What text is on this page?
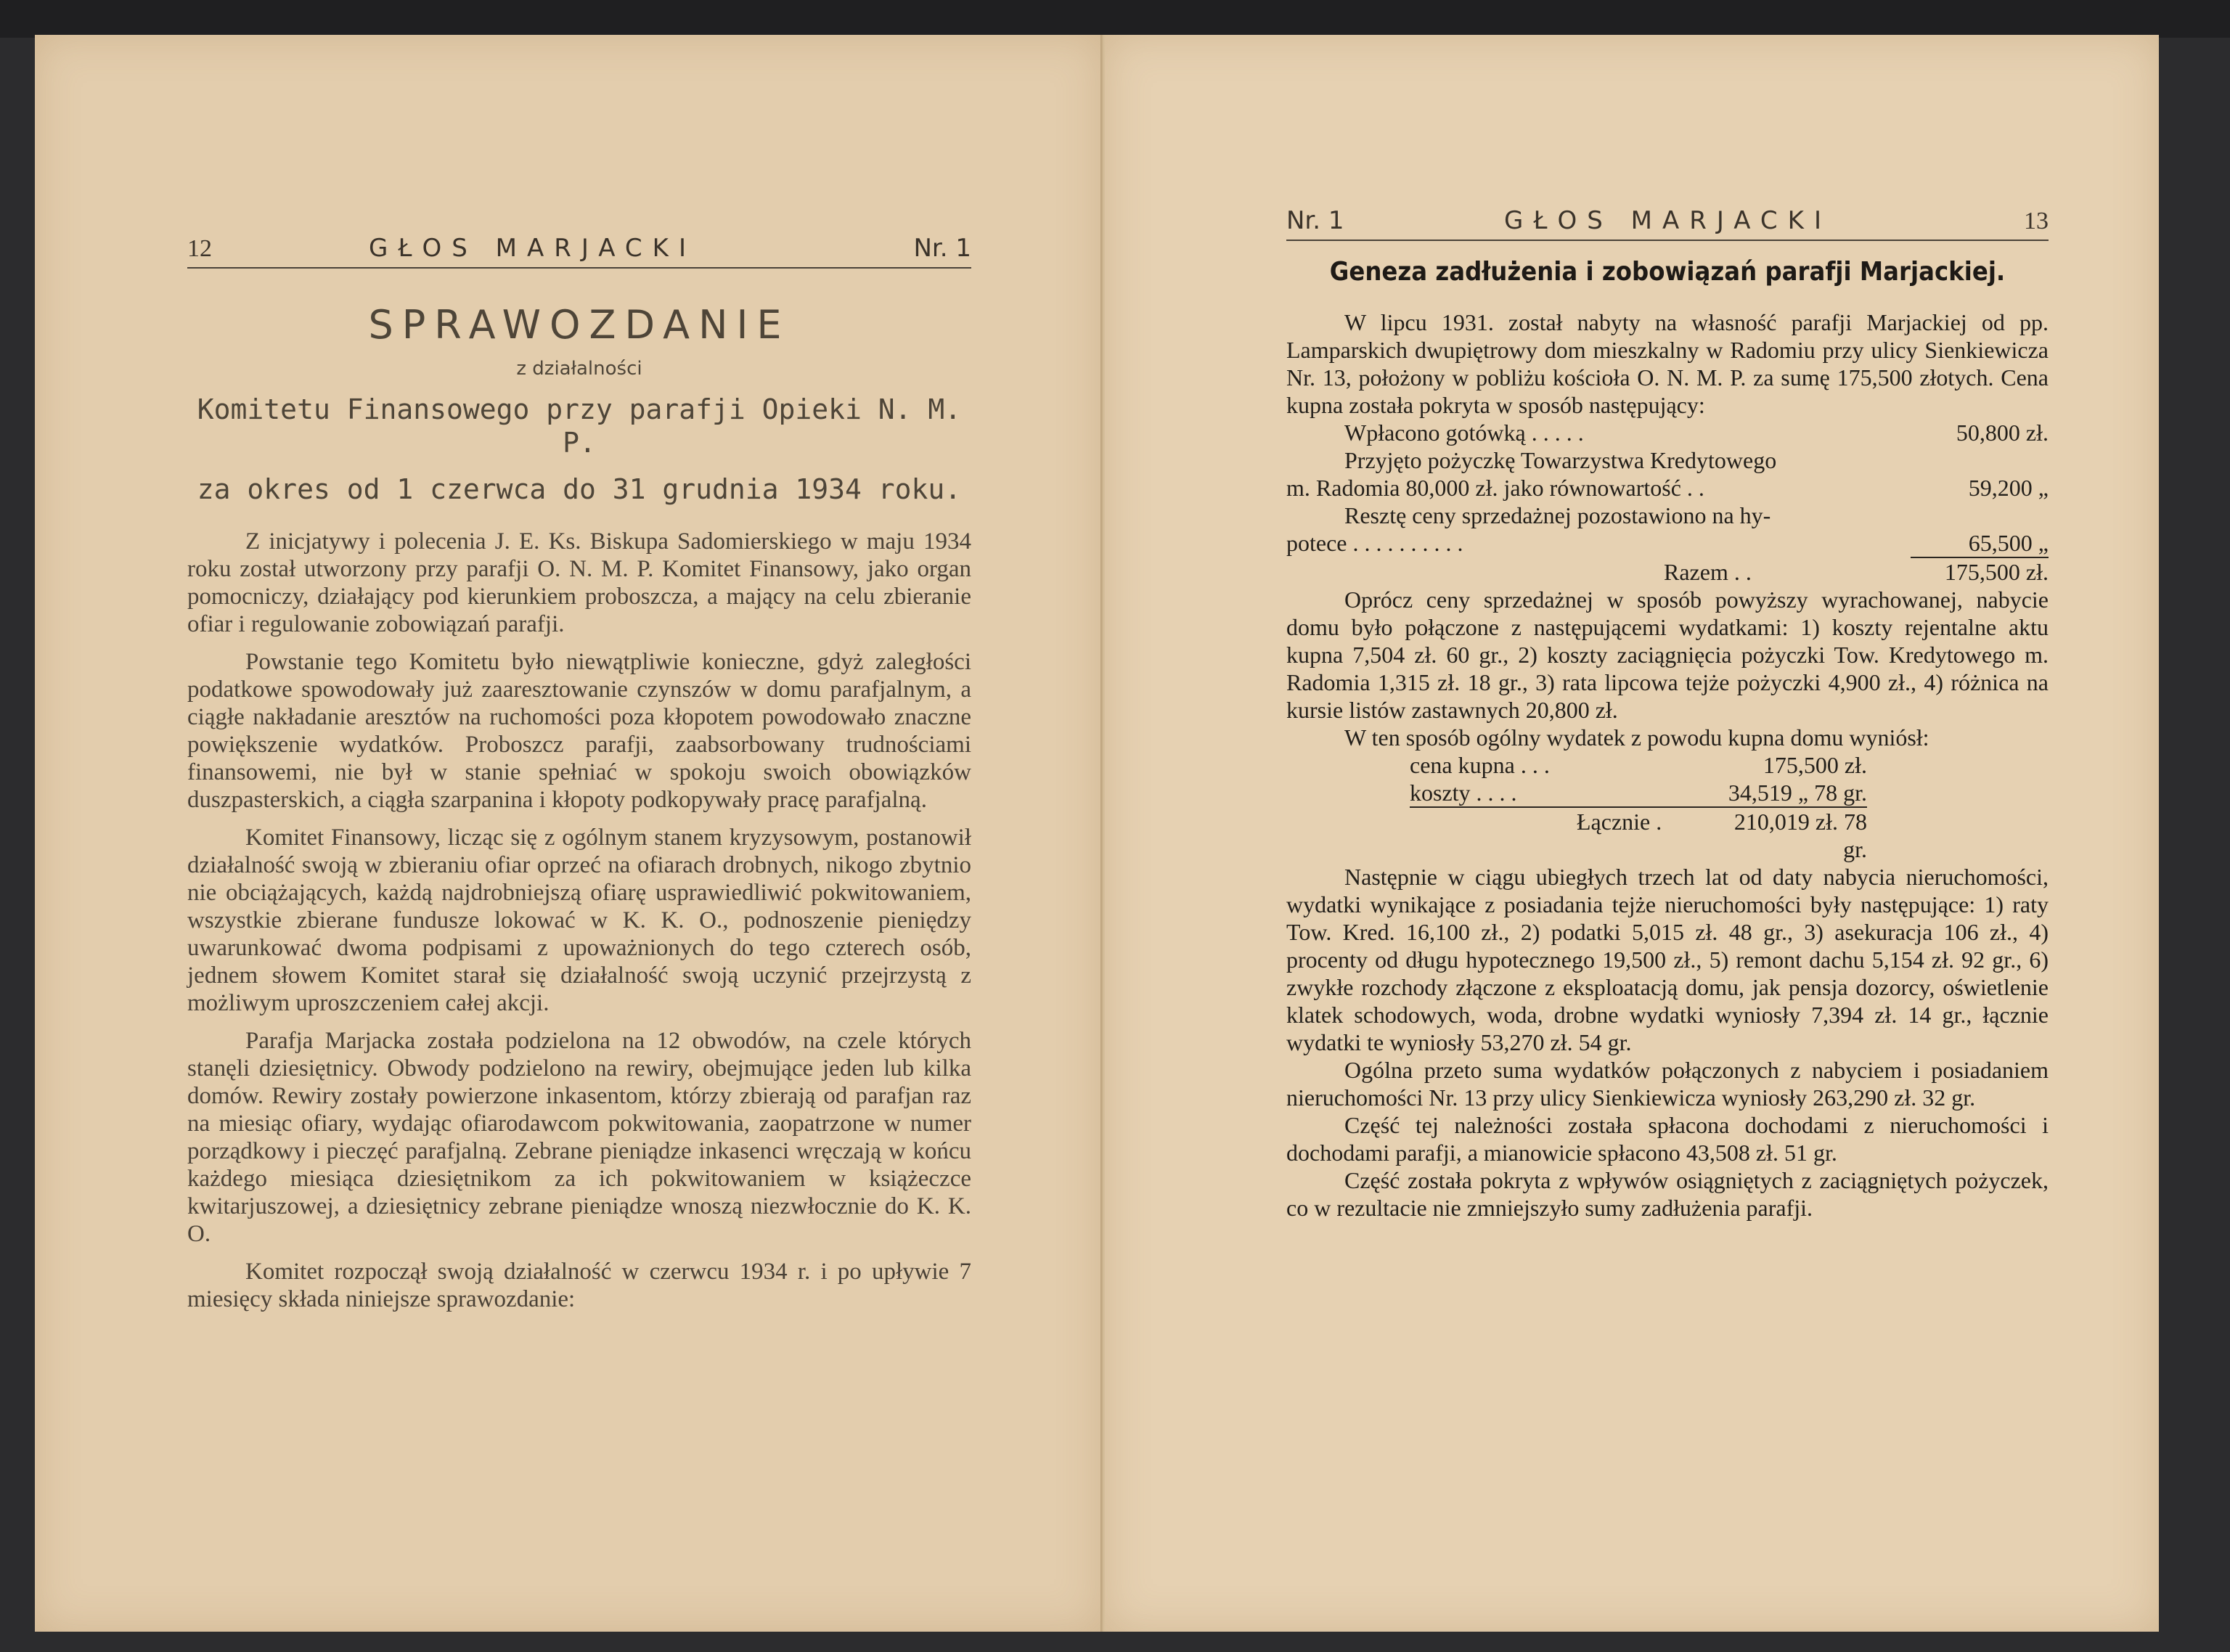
12	GŁOS MARJACKI	Nr. 1
SPRAWOZDANIE
z działalności
Komitetu Finansowego przy parafji Opieki N. M. P.
za okres od 1 czerwca do 31 grudnia 1934 roku.

Z inicjatywy i polecenia J. E. Ks. Biskupa Sadomierskiego w maju 1934 roku został utworzony przy parafji O. N. M. P. Komitet Finansowy, jako organ pomocniczy, działający pod kierunkiem proboszcza, a mający na celu zbieranie ofiar i regulowanie zobowiązań parafji.

Powstanie tego Komitetu było niewątpliwie konieczne, gdyż zaległości podatkowe spowodowały już zaaresztowanie czynszów w domu parafjalnym, a ciągłe nakładanie aresztów na ruchomości poza kłopotem powodowało znaczne powiększenie wydatków. Proboszcz parafji, zaabsorbowany trudnościami finansowemi, nie był w stanie spełniać w spokoju swoich obowiązków duszpasterskich, a ciągła szarpanina i kłopoty podkopywały pracę parafjalną.

Komitet Finansowy, licząc się z ogólnym stanem kryzysowym, postanowił działalność swoją w zbieraniu ofiar oprzeć na ofiarach drobnych, nikogo zbytnio nie obciążających, każdą najdrobniejszą ofiarę usprawiedliwić pokwitowaniem, wszystkie zbierane fundusze lokować w K. K. O., podnoszenie pieniędzy uwarunkować dwoma podpisami z upoważnionych do tego czterech osób, jednem słowem Komitet starał się działalność swoją uczynić przejrzystą z możliwym uproszczeniem całej akcji.

Parafja Marjacka została podzielona na 12 obwodów, na czele których stanęli dziesiętnicy. Obwody podzielono na rewiry, obejmujące jeden lub kilka domów. Rewiry zostały powierzone inkasentom, którzy zbierają od parafjan raz na miesiąc ofiary, wydając ofiarodawcom pokwitowania, zaopatrzone w numer porządkowy i pieczęć parafjalną. Zebrane pieniądze inkasenci wręczają w końcu każdego miesiąca dziesiętnikom za ich pokwitowaniem w książeczce kwitarjuszowej, a dziesiętnicy zebrane pieniądze wnoszą niezwłocznie do K. K. O.

Komitet rozpoczął swoją działalność w czerwcu 1934 r. i po upływie 7 miesięcy składa niniejsze sprawozdanie:

Nr. 1	GŁOS MARJACKI	13
Geneza zadłużenia i zobowiązań parafji Marjackiej.

W lipcu 1931. został nabyty na własność parafji Marjackiej od pp. Lamparskich dwupiętrowy dom mieszkalny w Radomiu przy ulicy Sienkiewicza Nr. 13, położony w pobliżu kościoła O. N. M. P. za sumę 175,500 złotych. Cena kupna została pokryta w sposób następujący:

Wpłacono gotówką . . . . .	50,800 zł.
Przyjęto pożyczkę Towarzystwa Kredytowego
m. Radomia 80,000 zł. jako równowartość . .	59,200 „
Resztę ceny sprzedażnej pozostawiono na hy-
potece . . . . . . . . . .	65,500 „
Razem . .	175,500 zł.

Oprócz ceny sprzedażnej w sposób powyższy wyrachowanej, nabycie domu było połączone z następującemi wydatkami: 1) koszty rejentalne aktu kupna 7,504 zł. 60 gr., 2) koszty zaciągnięcia pożyczki Tow. Kredytowego m. Radomia 1,315 zł. 18 gr., 3) rata lipcowa tejże pożyczki 4,900 zł., 4) różnica na kursie listów zastawnych 20,800 zł.

W ten sposób ogólny wydatek z powodu kupna domu wyniósł:

cena kupna . . .	175,500 zł.
koszty . . . .	34,519 „ 78 gr.
Łącznie .	210,019 zł. 78 gr.

Następnie w ciągu ubiegłych trzech lat od daty nabycia nieruchomości, wydatki wynikające z posiadania tejże nieruchomości były następujące: 1) raty Tow. Kred. 16,100 zł., 2) podatki 5,015 zł. 48 gr., 3) asekuracja 106 zł., 4) procenty od długu hypotecznego 19,500 zł., 5) remont dachu 5,154 zł. 92 gr., 6) zwykłe rozchody złączone z eksploatacją domu, jak pensja dozorcy, oświetlenie klatek schodowych, woda, drobne wydatki wyniosły 7,394 zł. 14 gr., łącznie wydatki te wyniosły 53,270 zł. 54 gr.

Ogólna przeto suma wydatków połączonych z nabyciem i posiadaniem nieruchomości Nr. 13 przy ulicy Sienkiewicza wyniosły 263,290 zł. 32 gr.

Część tej należności została spłacona dochodami z nieruchomości i dochodami parafji, a mianowicie spłacono 43,508 zł. 51 gr.

Część została pokryta z wpływów osiągniętych z zaciągniętych pożyczek, co w rezultacie nie zmniejszyło sumy zadłużenia parafji.
